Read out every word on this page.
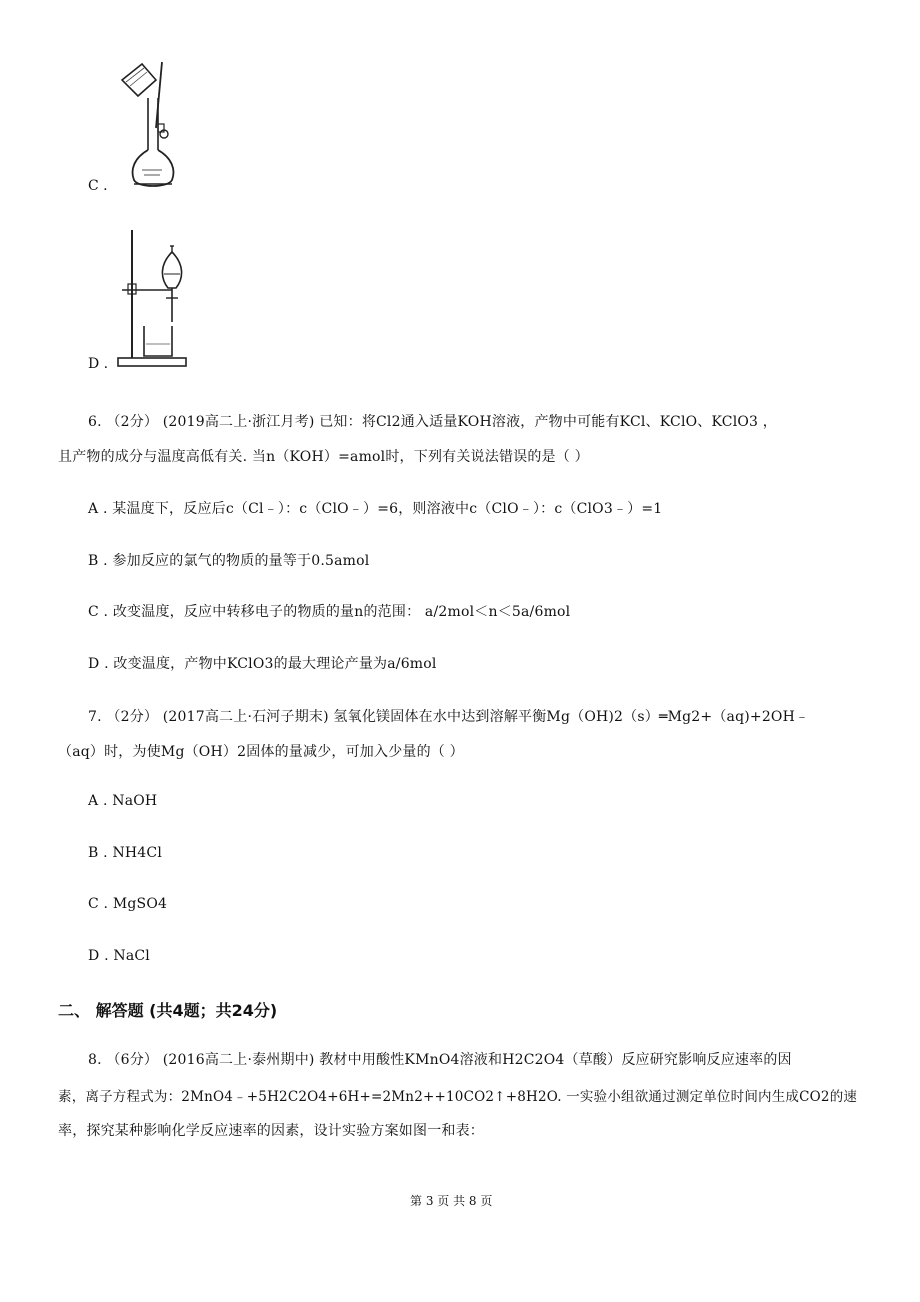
C .
D .
6. （2分） (2019高二上·浙江月考) 已知：将Cl2通入适量KOH溶液，产物中可能有KCl、KClO、KClO3 ，
且产物的成分与温度高低有关. 当n（KOH）=amol时，下列有关说法错误的是（ ）
A . 某温度下，反应后c（Cl﹣）：c（ClO﹣）=6，则溶液中c（ClO﹣）：c（ClO3﹣）=1
B . 参加反应的氯气的物质的量等于0.5amol
C . 改变温度，反应中转移电子的物质的量n的范围： a/2mol＜n＜5a/6mol
D . 改变温度，产物中KClO3的最大理论产量为a/6mol
7. （2分） (2017高二上·石河子期末) 氢氧化镁固体在水中达到溶解平衡Mg（OH)2（s）═Mg2+（aq)+2OH﹣
（aq）时，为使Mg（OH）2固体的量减少，可加入少量的（ ）
A . NaOH
B . NH4Cl
C . MgSO4
D . NaCl
二、 解答题 (共4题；共24分)
8. （6分） (2016高二上·泰州期中) 教材中用酸性KMnO4溶液和H2C2O4（草酸）反应研究影响反应速率的因
素，离子方程式为：2MnO4﹣+5H2C2O4+6H+=2Mn2++10CO2↑+8H2O. 一实验小组欲通过测定单位时间内生成CO2的速
率，探究某种影响化学反应速率的因素，设计实验方案如图一和表：
第 3 页 共 8 页
